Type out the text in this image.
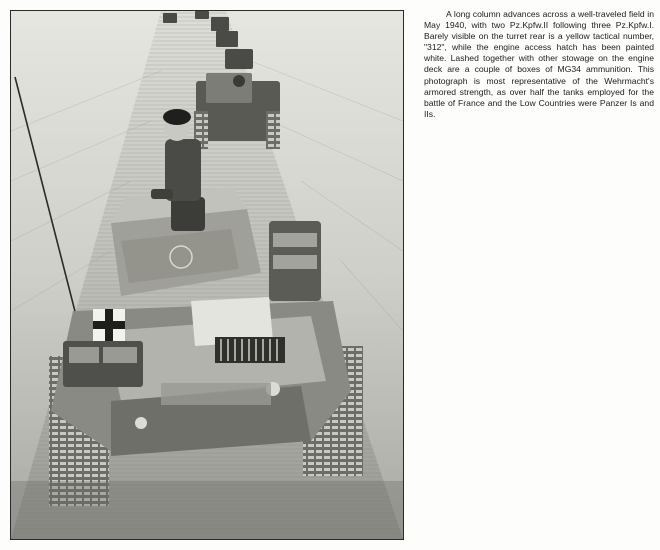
A long column advances across a well-traveled field in May 1940, with two Pz.Kpfw.II following three Pz.Kpfw.I. Barely visible on the turret rear is a yellow tactical number, "312", while the engine access hatch has been painted white. Lashed together with other stowage on the engine deck are a couple of boxes of MG34 ammunition. This photograph is most representative of the Wehrmacht's armored strength, as over half the tanks employed for the battle of France and the Low Countries were Panzer Is and IIs.
